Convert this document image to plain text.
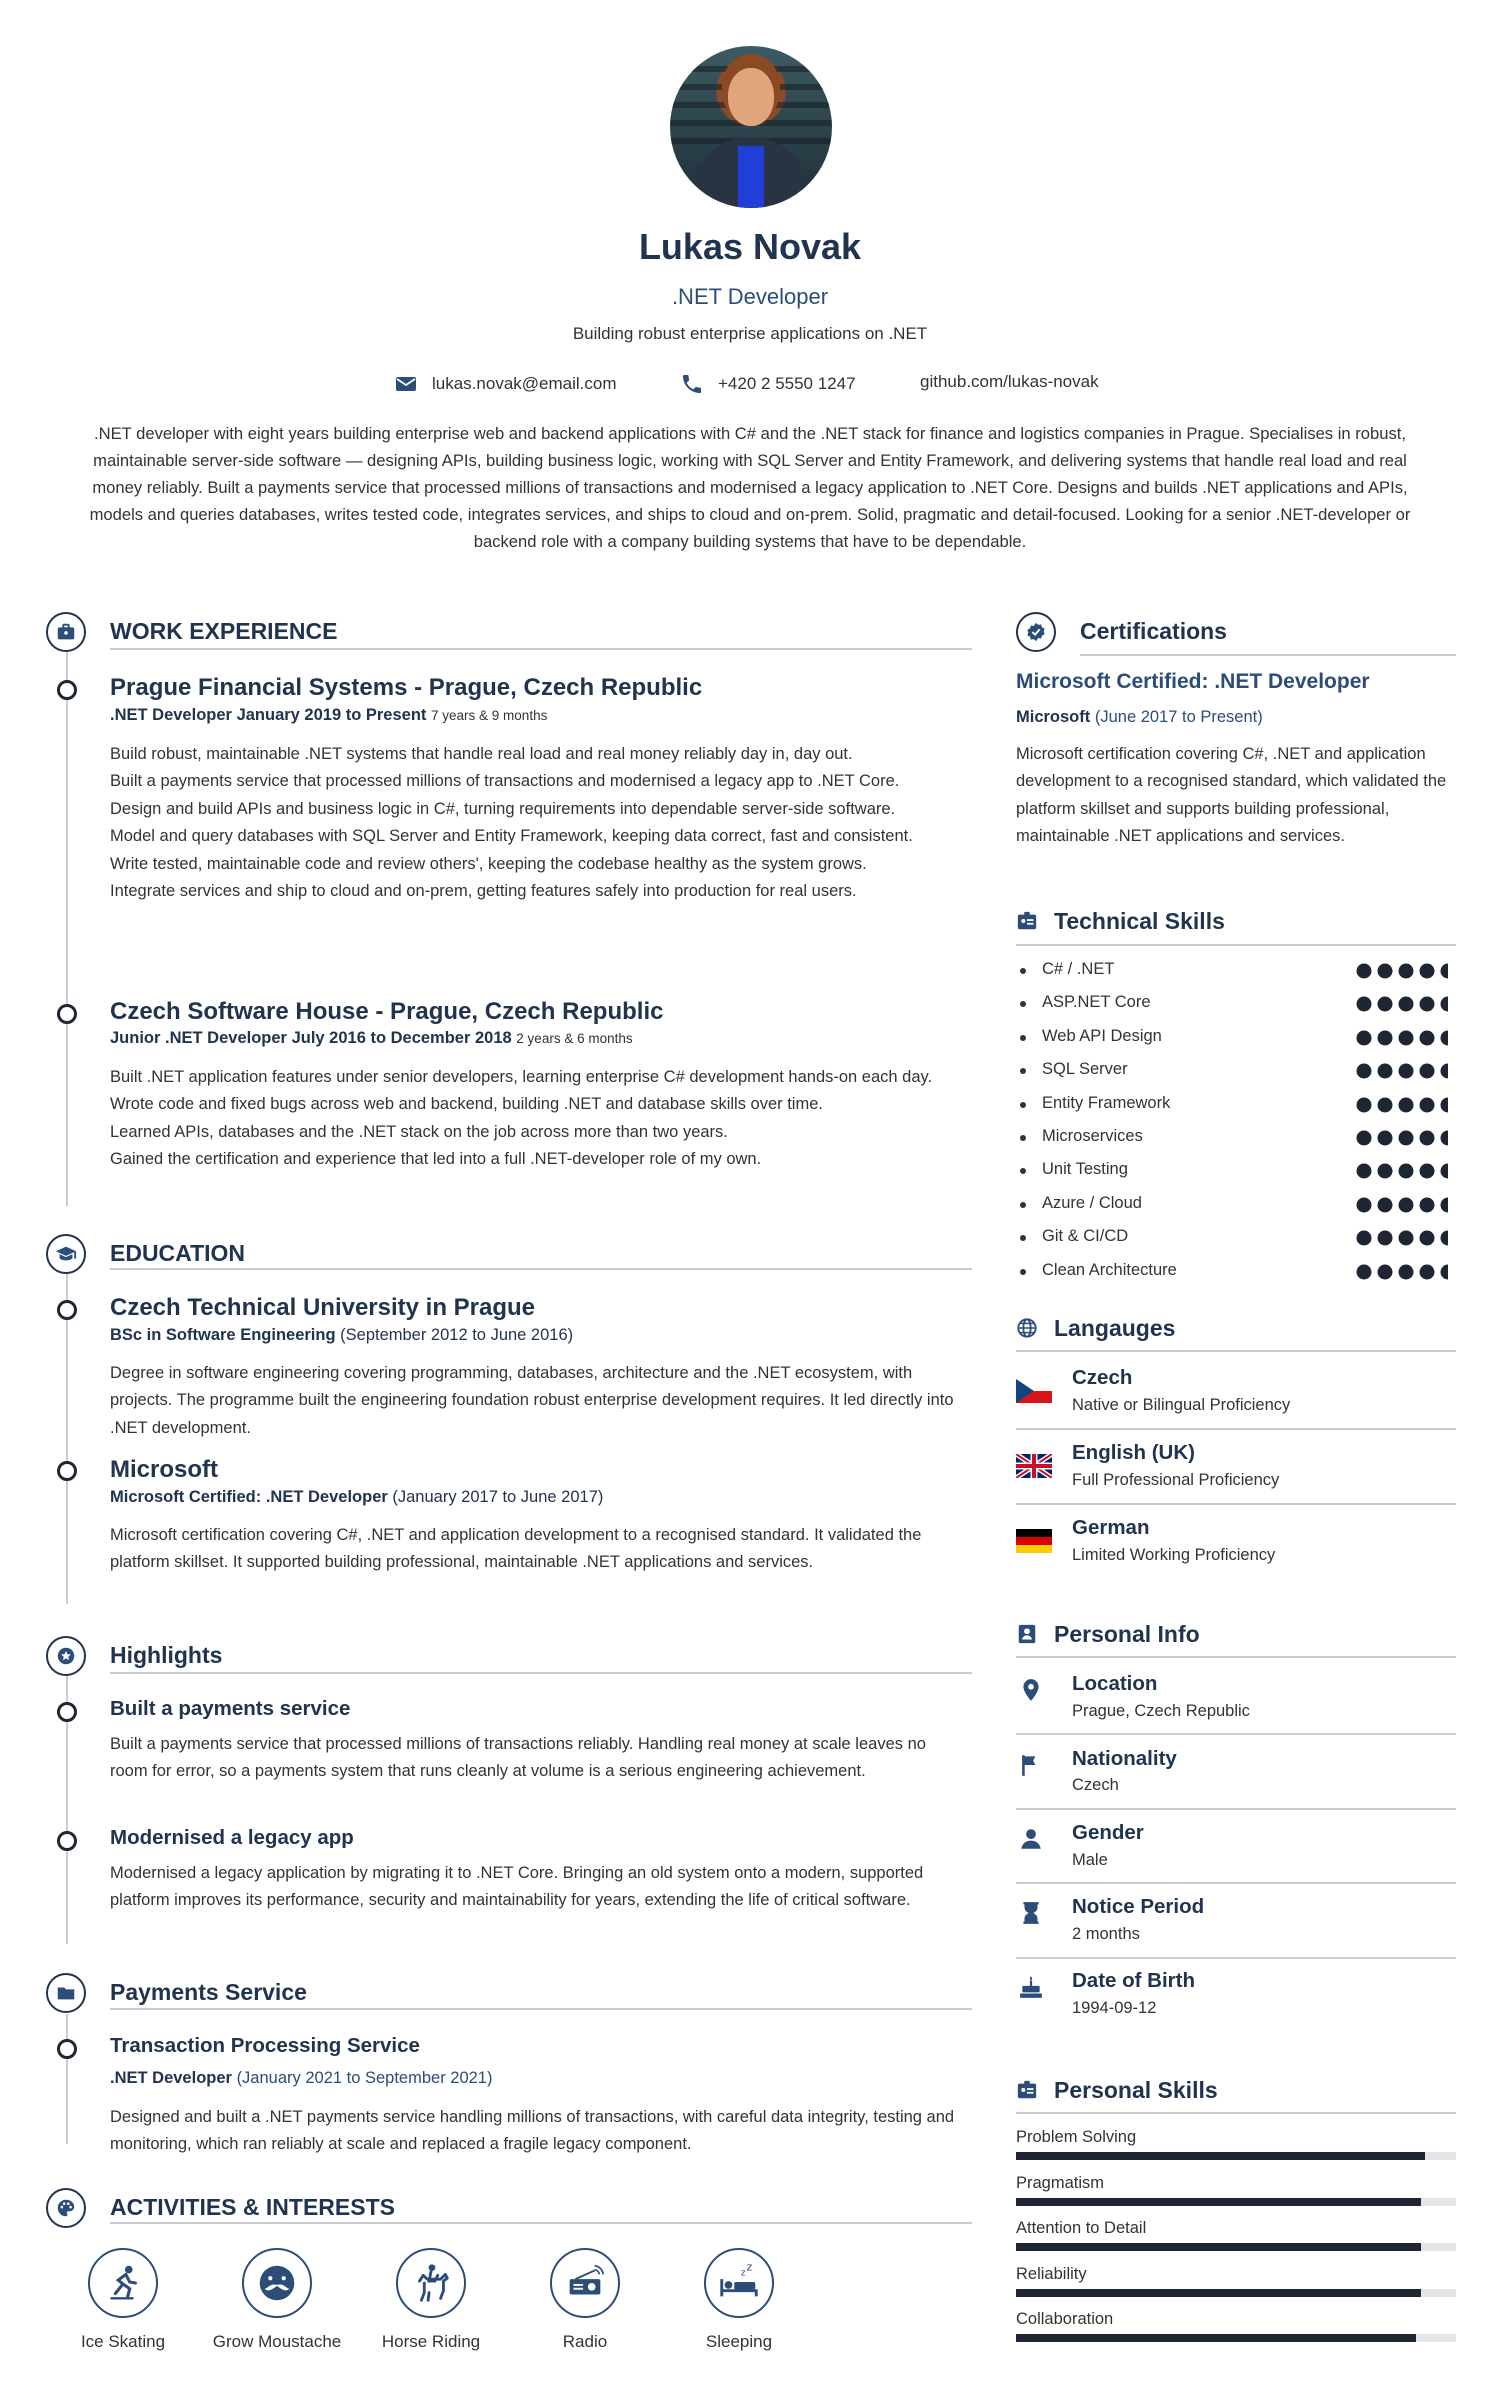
Lukas Novak
.NET Developer
Building robust enterprise applications on .NET
lukas.novak@email.com	+420 2 5550 1247	github.com/lukas-novak
.NET developer with eight years building enterprise web and backend applications with C# and the .NET stack for finance and logistics companies in Prague. Specialises in robust, maintainable server-side software — designing APIs, building business logic, working with SQL Server and Entity Framework, and delivering systems that handle real load and real money reliably. Built a payments service that processed millions of transactions and modernised a legacy application to .NET Core. Designs and builds .NET applications and APIs, models and queries databases, writes tested code, integrates services, and ships to cloud and on-prem. Solid, pragmatic and detail-focused. Looking for a senior .NET-developer or backend role with a company building systems that have to be dependable.
WORK EXPERIENCE
Prague Financial Systems - Prague, Czech Republic
.NET Developer January 2019 to Present 7 years & 9 months
Build robust, maintainable .NET systems that handle real load and real money reliably day in, day out.
Built a payments service that processed millions of transactions and modernised a legacy app to .NET Core.
Design and build APIs and business logic in C#, turning requirements into dependable server-side software.
Model and query databases with SQL Server and Entity Framework, keeping data correct, fast and consistent.
Write tested, maintainable code and review others', keeping the codebase healthy as the system grows.
Integrate services and ship to cloud and on-prem, getting features safely into production for real users.
Czech Software House - Prague, Czech Republic
Junior .NET Developer July 2016 to December 2018 2 years & 6 months
Built .NET application features under senior developers, learning enterprise C# development hands-on each day.
Wrote code and fixed bugs across web and backend, building .NET and database skills over time.
Learned APIs, databases and the .NET stack on the job across more than two years.
Gained the certification and experience that led into a full .NET-developer role of my own.
EDUCATION
Czech Technical University in Prague
BSc in Software Engineering (September 2012 to June 2016)
Degree in software engineering covering programming, databases, architecture and the .NET ecosystem, with projects. The programme built the engineering foundation robust enterprise development requires. It led directly into .NET development.
Microsoft
Microsoft Certified: .NET Developer (January 2017 to June 2017)
Microsoft certification covering C#, .NET and application development to a recognised standard. It validated the platform skillset. It supported building professional, maintainable .NET applications and services.
Highlights
Built a payments service
Built a payments service that processed millions of transactions reliably. Handling real money at scale leaves no room for error, so a payments system that runs cleanly at volume is a serious engineering achievement.
Modernised a legacy app
Modernised a legacy application by migrating it to .NET Core. Bringing an old system onto a modern, supported platform improves its performance, security and maintainability for years, extending the life of critical software.
Payments Service
Transaction Processing Service
.NET Developer (January 2021 to September 2021)
Designed and built a .NET payments service handling millions of transactions, with careful data integrity, testing and monitoring, which ran reliably at scale and replaced a fragile legacy component.
ACTIVITIES & INTERESTS
Ice Skating	Grow Moustache	Horse Riding	Radio
z z
Sleeping
Certifications
Microsoft Certified: .NET Developer
Microsoft (June 2017 to Present)
Microsoft certification covering C#, .NET and application development to a recognised standard, which validated the platform skillset and supports building professional, maintainable .NET applications and services.
Technical Skills
C# / .NET
ASP.NET Core
Web API Design
SQL Server
Entity Framework
Microservices
Unit Testing
Azure / Cloud
Git & CI/CD
Clean Architecture
Langauges
Czech
Native or Bilingual Proficiency
English (UK)
Full Professional Proficiency
German
Limited Working Proficiency
Personal Info
Location
Prague, Czech Republic
Nationality
Czech
Gender
Male
Notice Period
2 months
Date of Birth
1994-09-12
Personal Skills
Problem Solving
Pragmatism
Attention to Detail
Reliability
Collaboration
